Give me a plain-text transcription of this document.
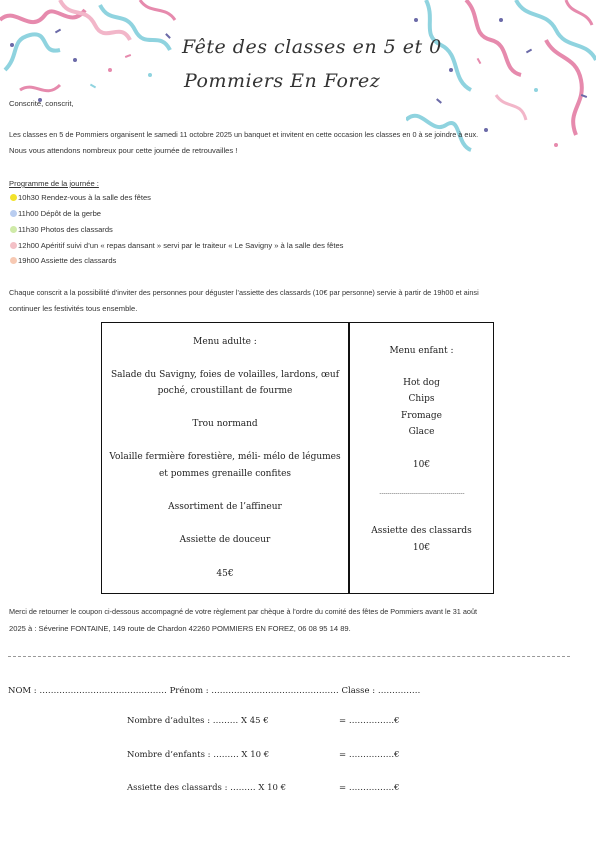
Fête des classes en 5 et 0
Pommiers En Forez
Conscrite, conscrit,
Les classes en 5 de Pommiers organisent le samedi 11 octobre 2025 un banquet et invitent en cette occasion les classes en 0 à se joindre à eux.
Nous vous attendons nombreux pour cette journée de retrouvailles !
Programme de la journée :
10h30 Rendez-vous à la salle des fêtes
11h00 Dépôt de la gerbe
11h30 Photos des classards
12h00 Apéritif suivi d’un « repas dansant » servi par le traiteur « Le Savigny » à la salle des fêtes
19h00 Assiette des classards
Chaque conscrit a la possibilité d’inviter des personnes pour déguster l’assiette des classards (10€ par personne) servie à partir de 19h00 et ainsi
continuer les festivités tous ensemble.
Menu adulte :
Salade du Savigny, foies de volailles, lardons, œuf
poché, croustillant de fourme
Trou normand
Volaille fermière forestière, méli- mélo de légumes
et pommes grenaille confites
Assortiment de l’affineur
Assiette de douceur
45€
Menu enfant :
Hot dog
Chips
Fromage
Glace
10€
------------------------------------------
Assiette des classards
10€
Merci de retourner le coupon ci-dessous accompagné de votre règlement par chèque à l’ordre du comité des fêtes de Pommiers avant le 31 août
2025 à : Séverine FONTAINE, 149 route de Chardon 42260 POMMIERS EN FOREZ, 06 08 95 14 89.
NOM : ……………………………………… Prénom : ……………………………………… Classe : ……………
Nombre d’adultes : ……… X 45 €	= …………….€
Nombre d’enfants : ……… X 10 €	= …………….€
Assiette des classards : ……… X 10 €	= …………….€
